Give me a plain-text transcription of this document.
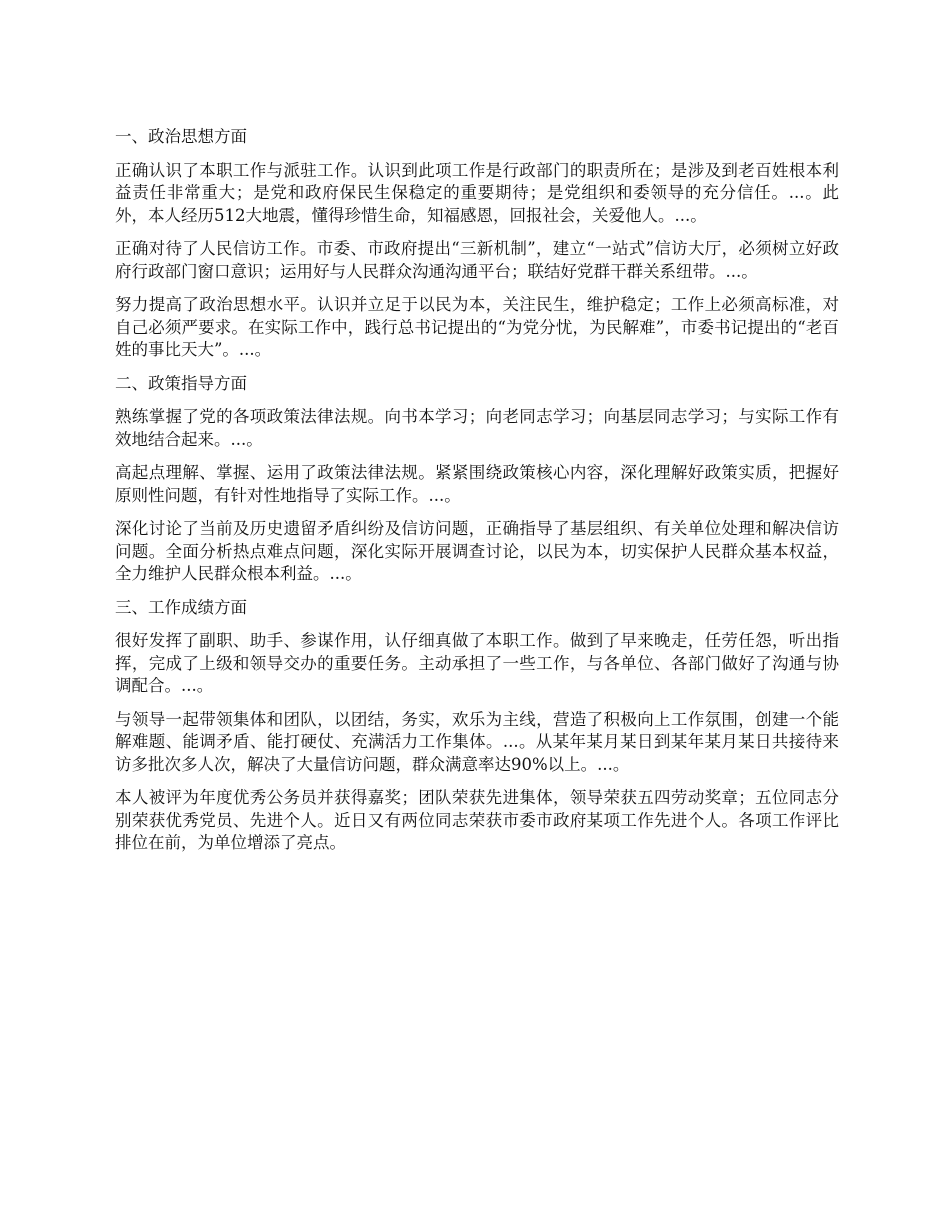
一、政治思想方面

正确认识了本职工作与派驻工作。认识到此项工作是行政部门的职责所在；是涉及到老百姓根本利益责任非常重大；是党和政府保民生保稳定的重要期待；是党组织和委领导的充分信任。...。此外，本人经历512大地震，懂得珍惜生命，知福感恩，回报社会，关爱他人。...。

正确对待了人民信访工作。市委、市政府提出“三新机制”，建立“一站式”信访大厅，必须树立好政府行政部门窗口意识；运用好与人民群众沟通沟通平台；联结好党群干群关系纽带。...。

努力提高了政治思想水平。认识并立足于以民为本，关注民生，维护稳定；工作上必须高标准，对自己必须严要求。在实际工作中，践行总书记提出的“为党分忧，为民解难”，市委书记提出的“老百姓的事比天大”。...。

二、政策指导方面

熟练掌握了党的各项政策法律法规。向书本学习；向老同志学习；向基层同志学习；与实际工作有效地结合起来。...。

高起点理解、掌握、运用了政策法律法规。紧紧围绕政策核心内容，深化理解好政策实质，把握好原则性问题，有针对性地指导了实际工作。...。

深化讨论了当前及历史遗留矛盾纠纷及信访问题，正确指导了基层组织、有关单位处理和解决信访问题。全面分析热点难点问题，深化实际开展调查讨论，以民为本，切实保护人民群众基本权益，全力维护人民群众根本利益。...。

三、工作成绩方面

很好发挥了副职、助手、参谋作用，认仔细真做了本职工作。做到了早来晚走，任劳任怨，听出指挥，完成了上级和领导交办的重要任务。主动承担了一些工作，与各单位、各部门做好了沟通与协调配合。...。

与领导一起带领集体和团队，以团结，务实，欢乐为主线，营造了积极向上工作氛围，创建一个能解难题、能调矛盾、能打硬仗、充满活力工作集体。...。从某年某月某日到某年某月某日共接待来访多批次多人次，解决了大量信访问题，群众满意率达90%以上。...。

本人被评为年度优秀公务员并获得嘉奖；团队荣获先进集体，领导荣获五四劳动奖章；五位同志分别荣获优秀党员、先进个人。近日又有两位同志荣获市委市政府某项工作先进个人。各项工作评比排位在前，为单位增添了亮点。
